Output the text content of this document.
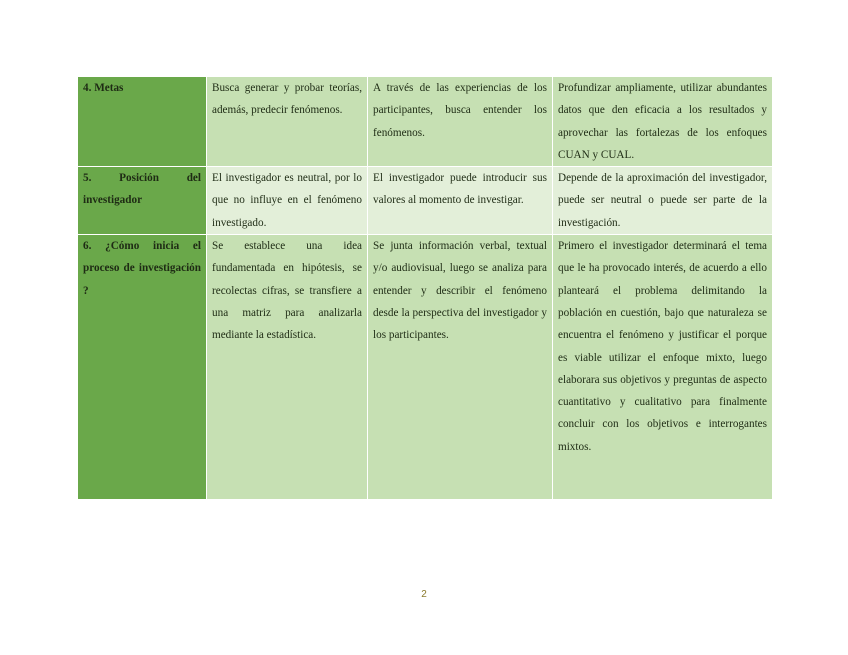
4. Metas	Busca generar y probar teorías, además, predecir fenómenos.	A través de las experiencias de los participantes, busca entender los fenómenos.	Profundizar ampliamente, utilizar abundantes datos que den eficacia a los resultados y aprovechar las fortalezas de los enfoques CUAN y CUAL.

5. Posición del investigador	El investigador es neutral, por lo que no influye en el fenómeno investigado.	El investigador puede introducir sus valores al momento de investigar.	Depende de la aproximación del investigador, puede ser neutral o puede ser parte de la investigación.

6. ¿Cómo inicia el proceso de investigación ?	Se establece una idea fundamentada en hipótesis, se recolectas cifras, se transfiere a una matriz para analizarla mediante la estadística.	Se junta información verbal, textual y/o audiovisual, luego se analiza para entender y describir el fenómeno desde la perspectiva del investigador y los participantes.	Primero el investigador determinará el tema que le ha provocado interés, de acuerdo a ello planteará el problema delimitando la población en cuestión, bajo que naturaleza se encuentra el fenómeno y justificar el porque es viable utilizar el enfoque mixto, luego elaborara sus objetivos y preguntas de aspecto cuantitativo y cualitativo para finalmente concluir con los objetivos e interrogantes mixtos.

2
